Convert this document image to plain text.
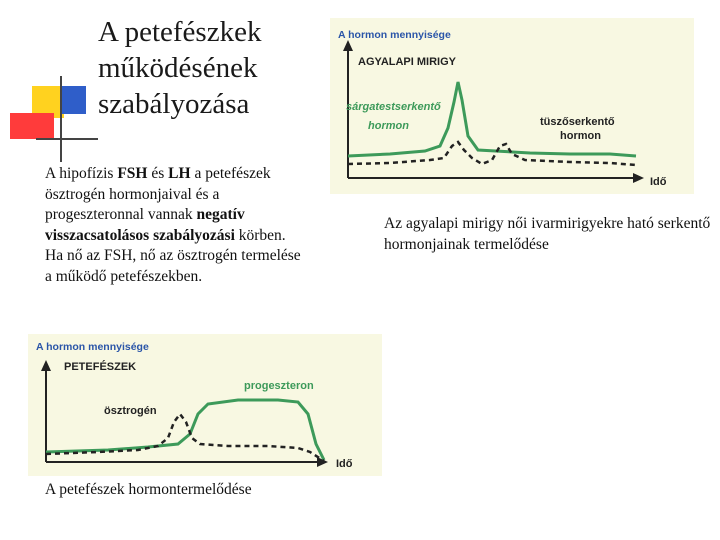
A petefészkek
működésének
szabályozása
A hipofízis FSH és LH a petefészek ösztrogén hormonjaival és a progeszteronnal vannak negatív visszacsatolásos szabályozási körben. Ha nő az FSH, nő az ösztrogén termelése a működő petefészekben.
A hormon mennyisége
AGYALAPI MIRIGY
sárgatestserkentő
hormon	tüszőserkentő
hormon
Idő
Az agyalapi mirigy női ivarmirigyekre ható serkentő hormonjainak termelődése
A hormon mennyisége
PETEFÉSZEK
progeszteron
ösztrogén
Idő
A petefészek hormontermelődése
